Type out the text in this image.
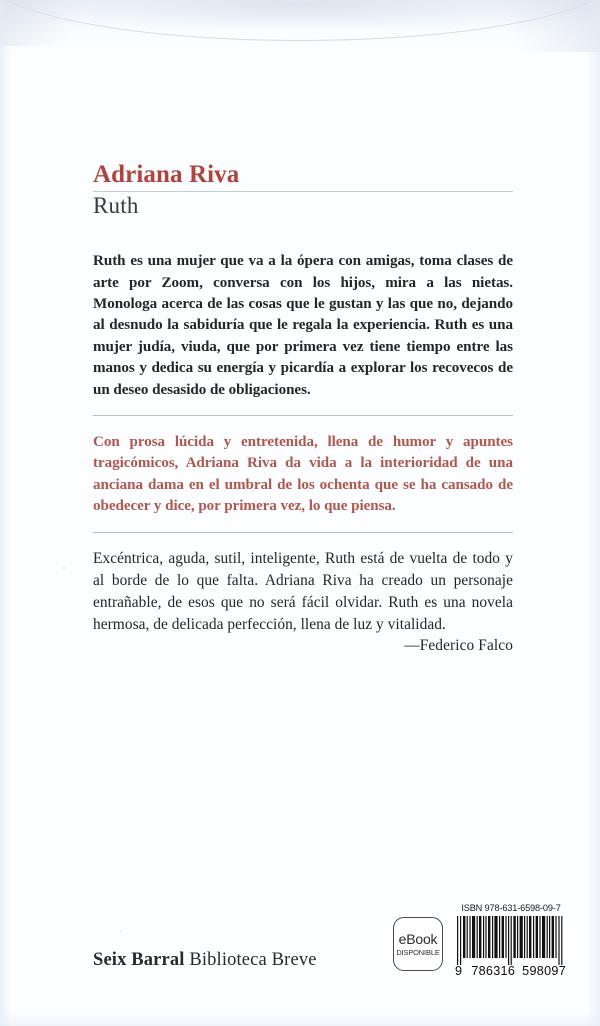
Adriana Riva
Ruth

Ruth es una mujer que va a la ópera con amigas, toma clases de arte por Zoom, conversa con los hijos, mira a las nietas. Monologa acerca de las cosas que le gustan y las que no, dejando al desnudo la sabiduría que le regala la experiencia. Ruth es una mujer judía, viuda, que por primera vez tiene tiempo entre las manos y dedica su energía y picardía a explorar los recovecos de un deseo desasido de obligaciones.

Con prosa lúcida y entretenida, llena de humor y apuntes tragicómicos, Adriana Riva da vida a la interioridad de una anciana dama en el umbral de los ochenta que se ha cansado de obedecer y dice, por primera vez, lo que piensa.

Excéntrica, aguda, sutil, inteligente, Ruth está de vuelta de todo y al borde de lo que falta. Adriana Riva ha creado un personaje entrañable, de esos que no será fácil olvidar. Ruth es una novela hermosa, de delicada perfección, llena de luz y vitalidad.

—Federico Falco
Seix Barral Biblioteca Breve
eBook
DISPONIBLE
ISBN 978-631-6598-09-7
9 786316 598097
